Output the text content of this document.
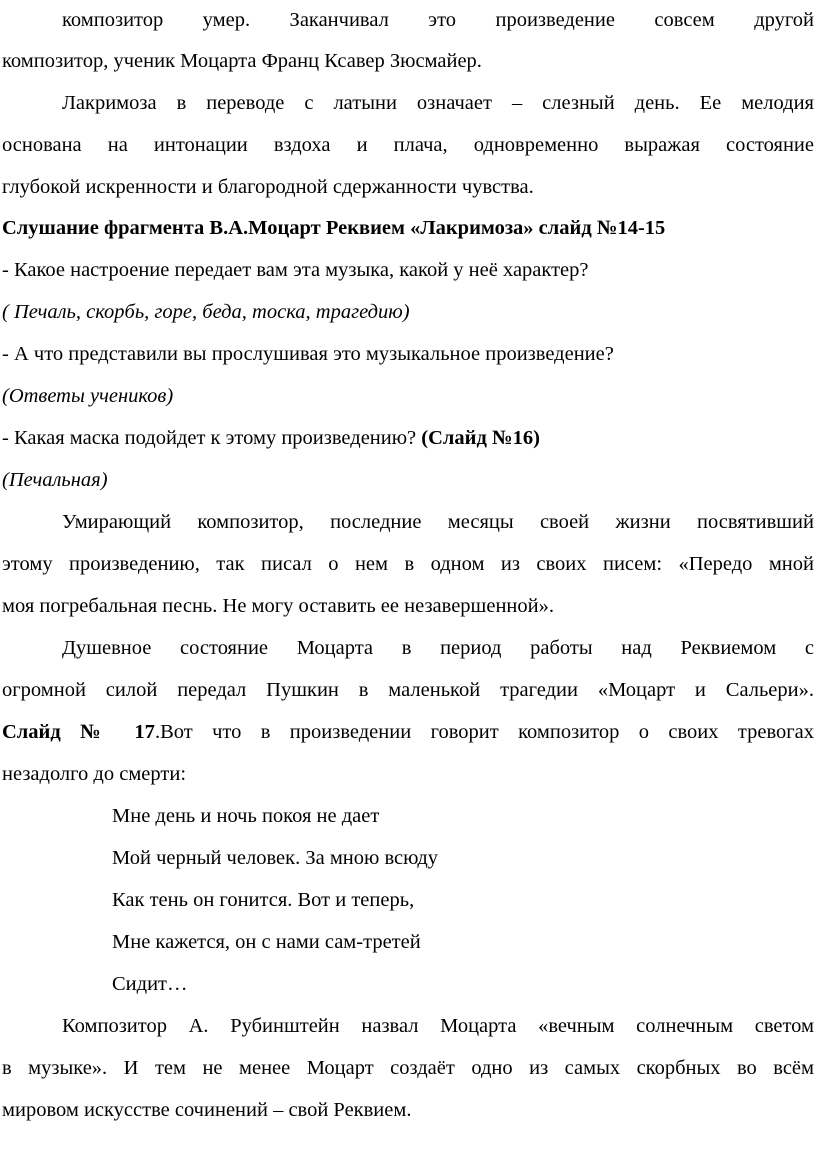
композитор умер. Заканчивал это произведение совсем другой
композитор, ученик Моцарта Франц Ксавер Зюсмайер.
Лакримоза в переводе с латыни означает – слезный день. Ее мелодия
основана на интонации вздоха и плача, одновременно выражая состояние
глубокой искренности и благородной сдержанности чувства.
Слушание фрагмента В.А.Моцарт Реквием «Лакримоза» слайд №14-15
- Какое настроение передает вам эта музыка, какой у неё характер?
( Печаль, скорбь, горе, беда, тоска, трагедию)
- А что представили вы прослушивая это музыкальное произведение?
(Ответы учеников)
- Какая маска подойдет к этому произведению? (Слайд №16)
(Печальная)
Умирающий композитор, последние месяцы своей жизни посвятивший
этому произведению, так писал о нем в одном из своих писем: «Передо мной
моя погребальная песнь. Не могу оставить ее незавершенной».
Душевное состояние Моцарта в период работы над Реквиемом с
огромной силой передал Пушкин в маленькой трагедии «Моцарт и Сальери».
Слайд № 17.Вот что в произведении говорит композитор о своих тревогах
незадолго до смерти:
Мне день и ночь покоя не дает
Мой черный человек. За мною всюду
Как тень он гонится. Вот и теперь,
Мне кажется, он с нами сам-третей
Сидит…
Композитор А. Рубинштейн назвал Моцарта «вечным солнечным светом
в музыке». И тем не менее Моцарт создаёт одно из самых скорбных во всём
мировом искусстве сочинений – свой Реквием.
